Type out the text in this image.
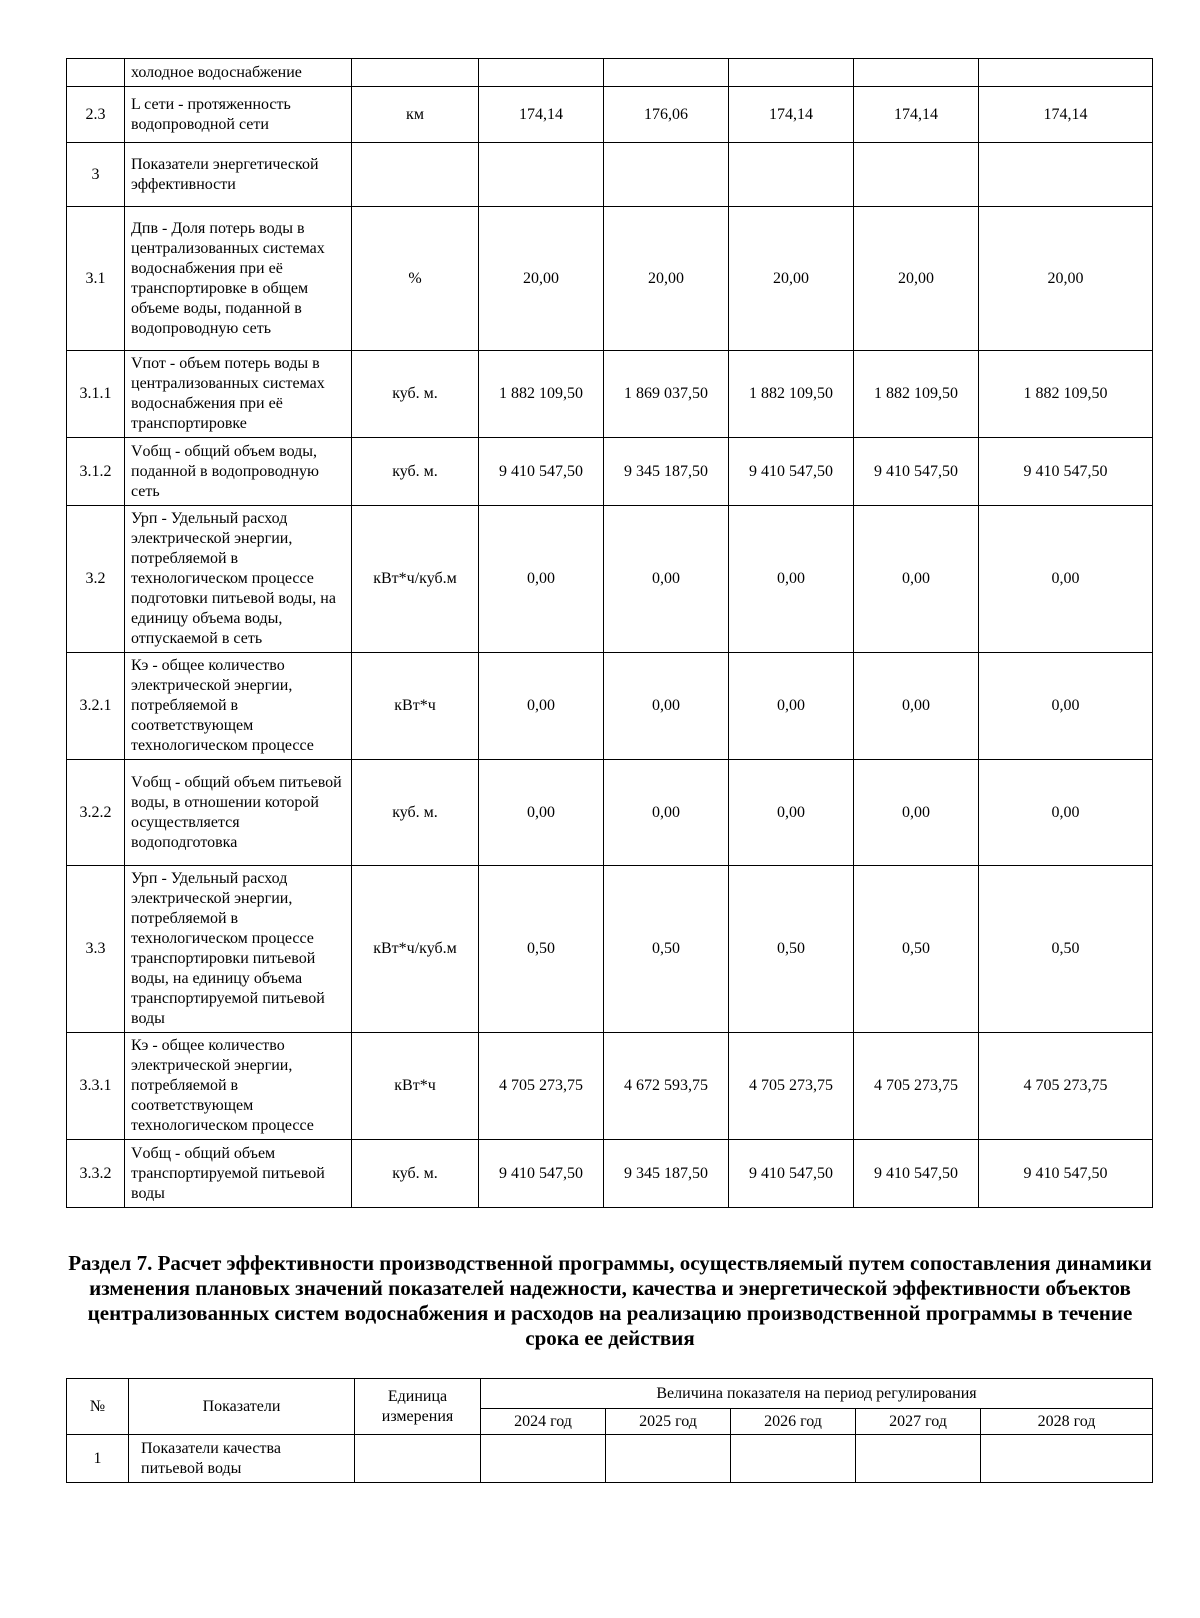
	холодное водоснабжение						
2.3	L сети - протяженность водопроводной сети	км	174,14	176,06	174,14	174,14	174,14
3	Показатели энергетической эффективности						
3.1	Дпв - Доля потерь воды в централизованных системах водоснабжения при её транспортировке в общем объеме воды, поданной в водопроводную сеть	%	20,00	20,00	20,00	20,00	20,00
3.1.1	Vпот - объем потерь воды в централизованных системах водоснабжения при её транспортировке	куб. м.	1 882 109,50	1 869 037,50	1 882 109,50	1 882 109,50	1 882 109,50
3.1.2	Vобщ - общий объем воды, поданной в водопроводную сеть	куб. м.	9 410 547,50	9 345 187,50	9 410 547,50	9 410 547,50	9 410 547,50
3.2	Урп - Удельный расход электрической энергии, потребляемой в технологическом процессе подготовки питьевой воды, на единицу объема воды, отпускаемой в сеть	кВт*ч/куб.м	0,00	0,00	0,00	0,00	0,00
3.2.1	Кэ - общее количество электрической энергии, потребляемой в соответствующем технологическом процессе	кВт*ч	0,00	0,00	0,00	0,00	0,00
3.2.2	Vобщ - общий объем питьевой воды, в отношении которой осуществляется водоподготовка	куб. м.	0,00	0,00	0,00	0,00	0,00
3.3	Урп - Удельный расход электрической энергии, потребляемой в технологическом процессе транспортировки питьевой воды, на единицу объема транспортируемой питьевой воды	кВт*ч/куб.м	0,50	0,50	0,50	0,50	0,50
3.3.1	Кэ - общее количество электрической энергии, потребляемой в соответствующем технологическом процессе	кВт*ч	4 705 273,75	4 672 593,75	4 705 273,75	4 705 273,75	4 705 273,75
3.3.2	Vобщ - общий объем транспортируемой питьевой воды	куб. м.	9 410 547,50	9 345 187,50	9 410 547,50	9 410 547,50	9 410 547,50
Раздел 7. Расчет эффективности производственной программы, осуществляемый путем сопоставления динамики изменения плановых значений показателей надежности, качества и энергетической эффективности объектов централизованных систем водоснабжения и расходов на реализацию производственной программы в течение срока ее действия
№	Показатели	Единица измерения	Величина показателя на период регулирования				
			2024 год	2025 год	2026 год	2027 год	2028 год
1	Показатели качества питьевой воды						
